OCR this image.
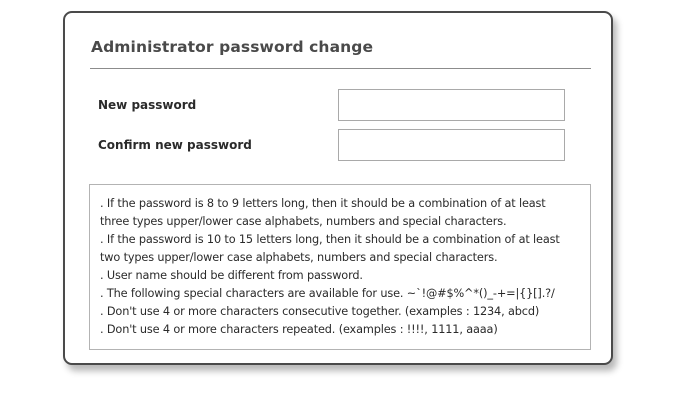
Administrator password change
New password
Confirm new password
. If the password is 8 to 9 letters long, then it should be a combination of at least
three types upper/lower case alphabets, numbers and special characters.
. If the password is 10 to 15 letters long, then it should be a combination of at least
two types upper/lower case alphabets, numbers and special characters.
. User name should be different from password.
. The following special characters are available for use. ~`!@#$%^*()_-+=|{}[].?/
. Don't use 4 or more characters consecutive together. (examples : 1234, abcd)
. Don't use 4 or more characters repeated. (examples : !!!!, 1111, aaaa)
